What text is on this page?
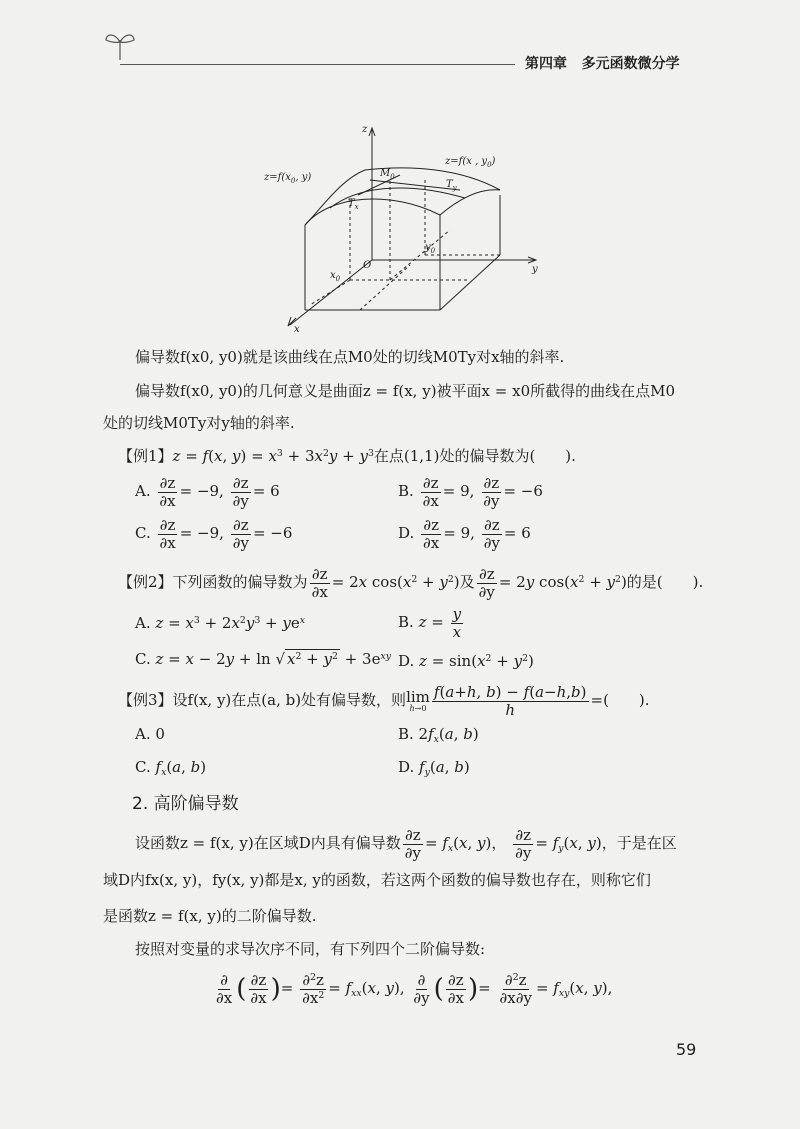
第四章 多元函数微分学
z
y
x
O
$z=f(x_0$, y)
z=f(x , $y_0$)
$M_0$
$T_y$
$T_x$
$y_0$
$x_0$
偏导数f(x0, y0)就是该曲线在点M0处的切线M0Ty对x轴的斜率.
偏导数f(x0, y0)的几何意义是曲面z = f(x, y)被平面x = x0所截得的曲线在点M0
处的切线M0Ty对y轴的斜率.
【例1】z = f(x, $y) = x^3 + 3x^2y + y^3$在点(1,1)处的偏导数为(　　).
A. $\frac{\partial z}{\partial x} = -9$, $\frac{\partial z}{\partial y} = 6$	B. $\frac{\partial z}{\partial x} = 9$, $\frac{\partial z}{\partial y} = -6$
C. $\frac{\partial z}{\partial x} = -9$, $\frac{\partial z}{\partial y} = -6$	D. $\frac{\partial z}{\partial x} = 9$, $\frac{\partial z}{\partial y} = 6$
【例2】下列函数的偏导数为 $\frac{\partial z}{\partial x} = 2x$ $\cos(x^2 + y^2)$及 $\frac{\partial z}{\partial y} = 2y$ $\cos(x^2 + y^2)$的是(　　).
A. $z = x^3 + 2x^2y^3 + ye^x$	B. $z = \frac{y}{x}$
C. z = x − 2y + ln √ $x^2 + y^2 + 3e^{xy}$ D. $z = \sin(x^2 + y^2)$
【例3】设f(x, y)在点(a, b)处有偏导数，则lim
$h\to 0 \frac{f(a+h, b) - f(a-h,b)}{h}$ =(　　).
A. 0	B. $2f_x(a$, b)
C. $f_x(a$, b)	D. $f_y(a$, b)
2. 高阶偏导数
设函数z = f(x, y)在区域D内具有偏导数 $\frac{\partial z}{\partial y} = f_x(x$, y)， $\frac{\partial z}{\partial y} = f_y(x$, y)，于是在区
域D内fx(x, y)，fy(x, y)都是x, y的函数，若这两个函数的偏导数也存在，则称它们
是函数z = f(x, y)的二阶偏导数.
按照对变量的求导次序不同，有下列四个二阶偏导数:
$\frac{\partial}{\partial x}$ ( $\frac{\partial z}{\partial x}$ )= $\frac{\partial^2z}{\partial x^2} = f_{xx}(x$, y), $\frac{\partial}{\partial y}$ ( $\frac{\partial z}{\partial x}$ )= $\frac{\partial^2z}{\partial x\partial y} = f_{xy}(x$, y),
59
